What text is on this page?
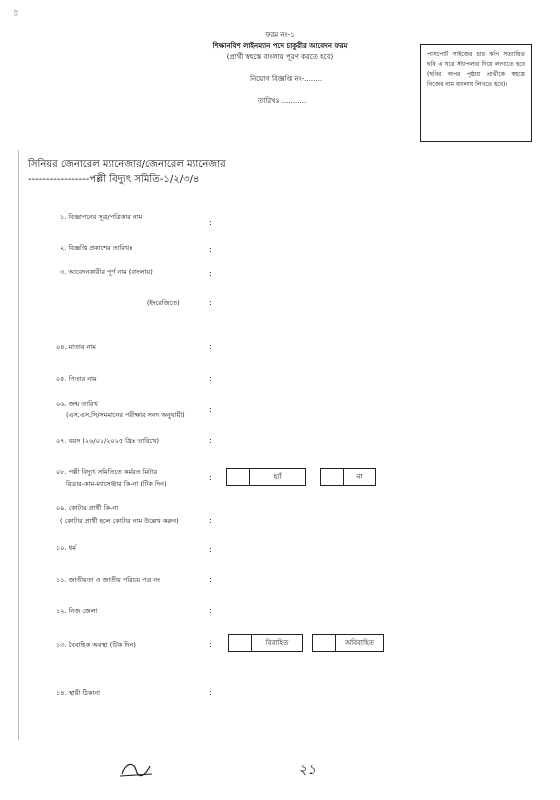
ট
ফরম নং-১
শিক্ষানবিশ লাইনম্যান পদে চাকুরীর আবেদন ফরম
(প্রার্থী স্বহস্তে বাংলায় পূরণ করতে হবে)
নিয়োগ বিজ্ঞপ্তি নং-........
তারিখঃ ...........
পাসপোর্ট সাইজের চার কপি সত্যায়িত ছবি এ ঘরে স্ট্যাপলার দিয়ে লাগাতে হবে (ছবির অপর পৃষ্ঠায় প্রার্থীকে স্বহস্তে নিজের নাম বাংলায় লিখতে হবে)।
সিনিয়র জেনারেল ম্যানেজার/জেনারেল ম্যানেজার
-----------------পল্লী বিদ্যুৎ সমিতি-১/২/৩/৪
১. বিজ্ঞাপনের সূত্র/পত্রিকার নাম
:
২. বিজ্ঞপ্তি প্রকাশের তারিখঃ	:
৩. আবেদনকারীর পূর্ণ নাম (বাংলায়)	:
(ইংরেজিতে)	:
০৪. মাতার নাম	:
০৫. পিতার নাম	:
০৬. জন্ম তারিখ
(এস,এস,সি/সমমানের পরীক্ষার সনদ অনুযায়ী)
:
০৭. বয়স (২৬/০১/২০২৫ খ্রিঃ তারিখে)	:
০৮. পল্লী বিদ্যুৎ সমিতিতে কর্মরত মিটার
রিডার-কাম-ম্যাসেঞ্জার কি-না (টিক দিন)
:	হ্যাঁ	না
০৯. কোটার প্রার্থী কি-না
( কোটার প্রার্থী হলে কোটার নাম উল্লেখ করুন)	:
১০. ধর্ম	:
১১. জাতীয়তা ও জাতীয় পরিচয় পত্র নং	:
১২. নিজ জেলা	:
১৩. বৈবাহিক অবস্থা (টিক দিন)	:	বিবাহিত	অবিবাহিত
১৪. স্থায়ী ঠিকানা	:
২১
